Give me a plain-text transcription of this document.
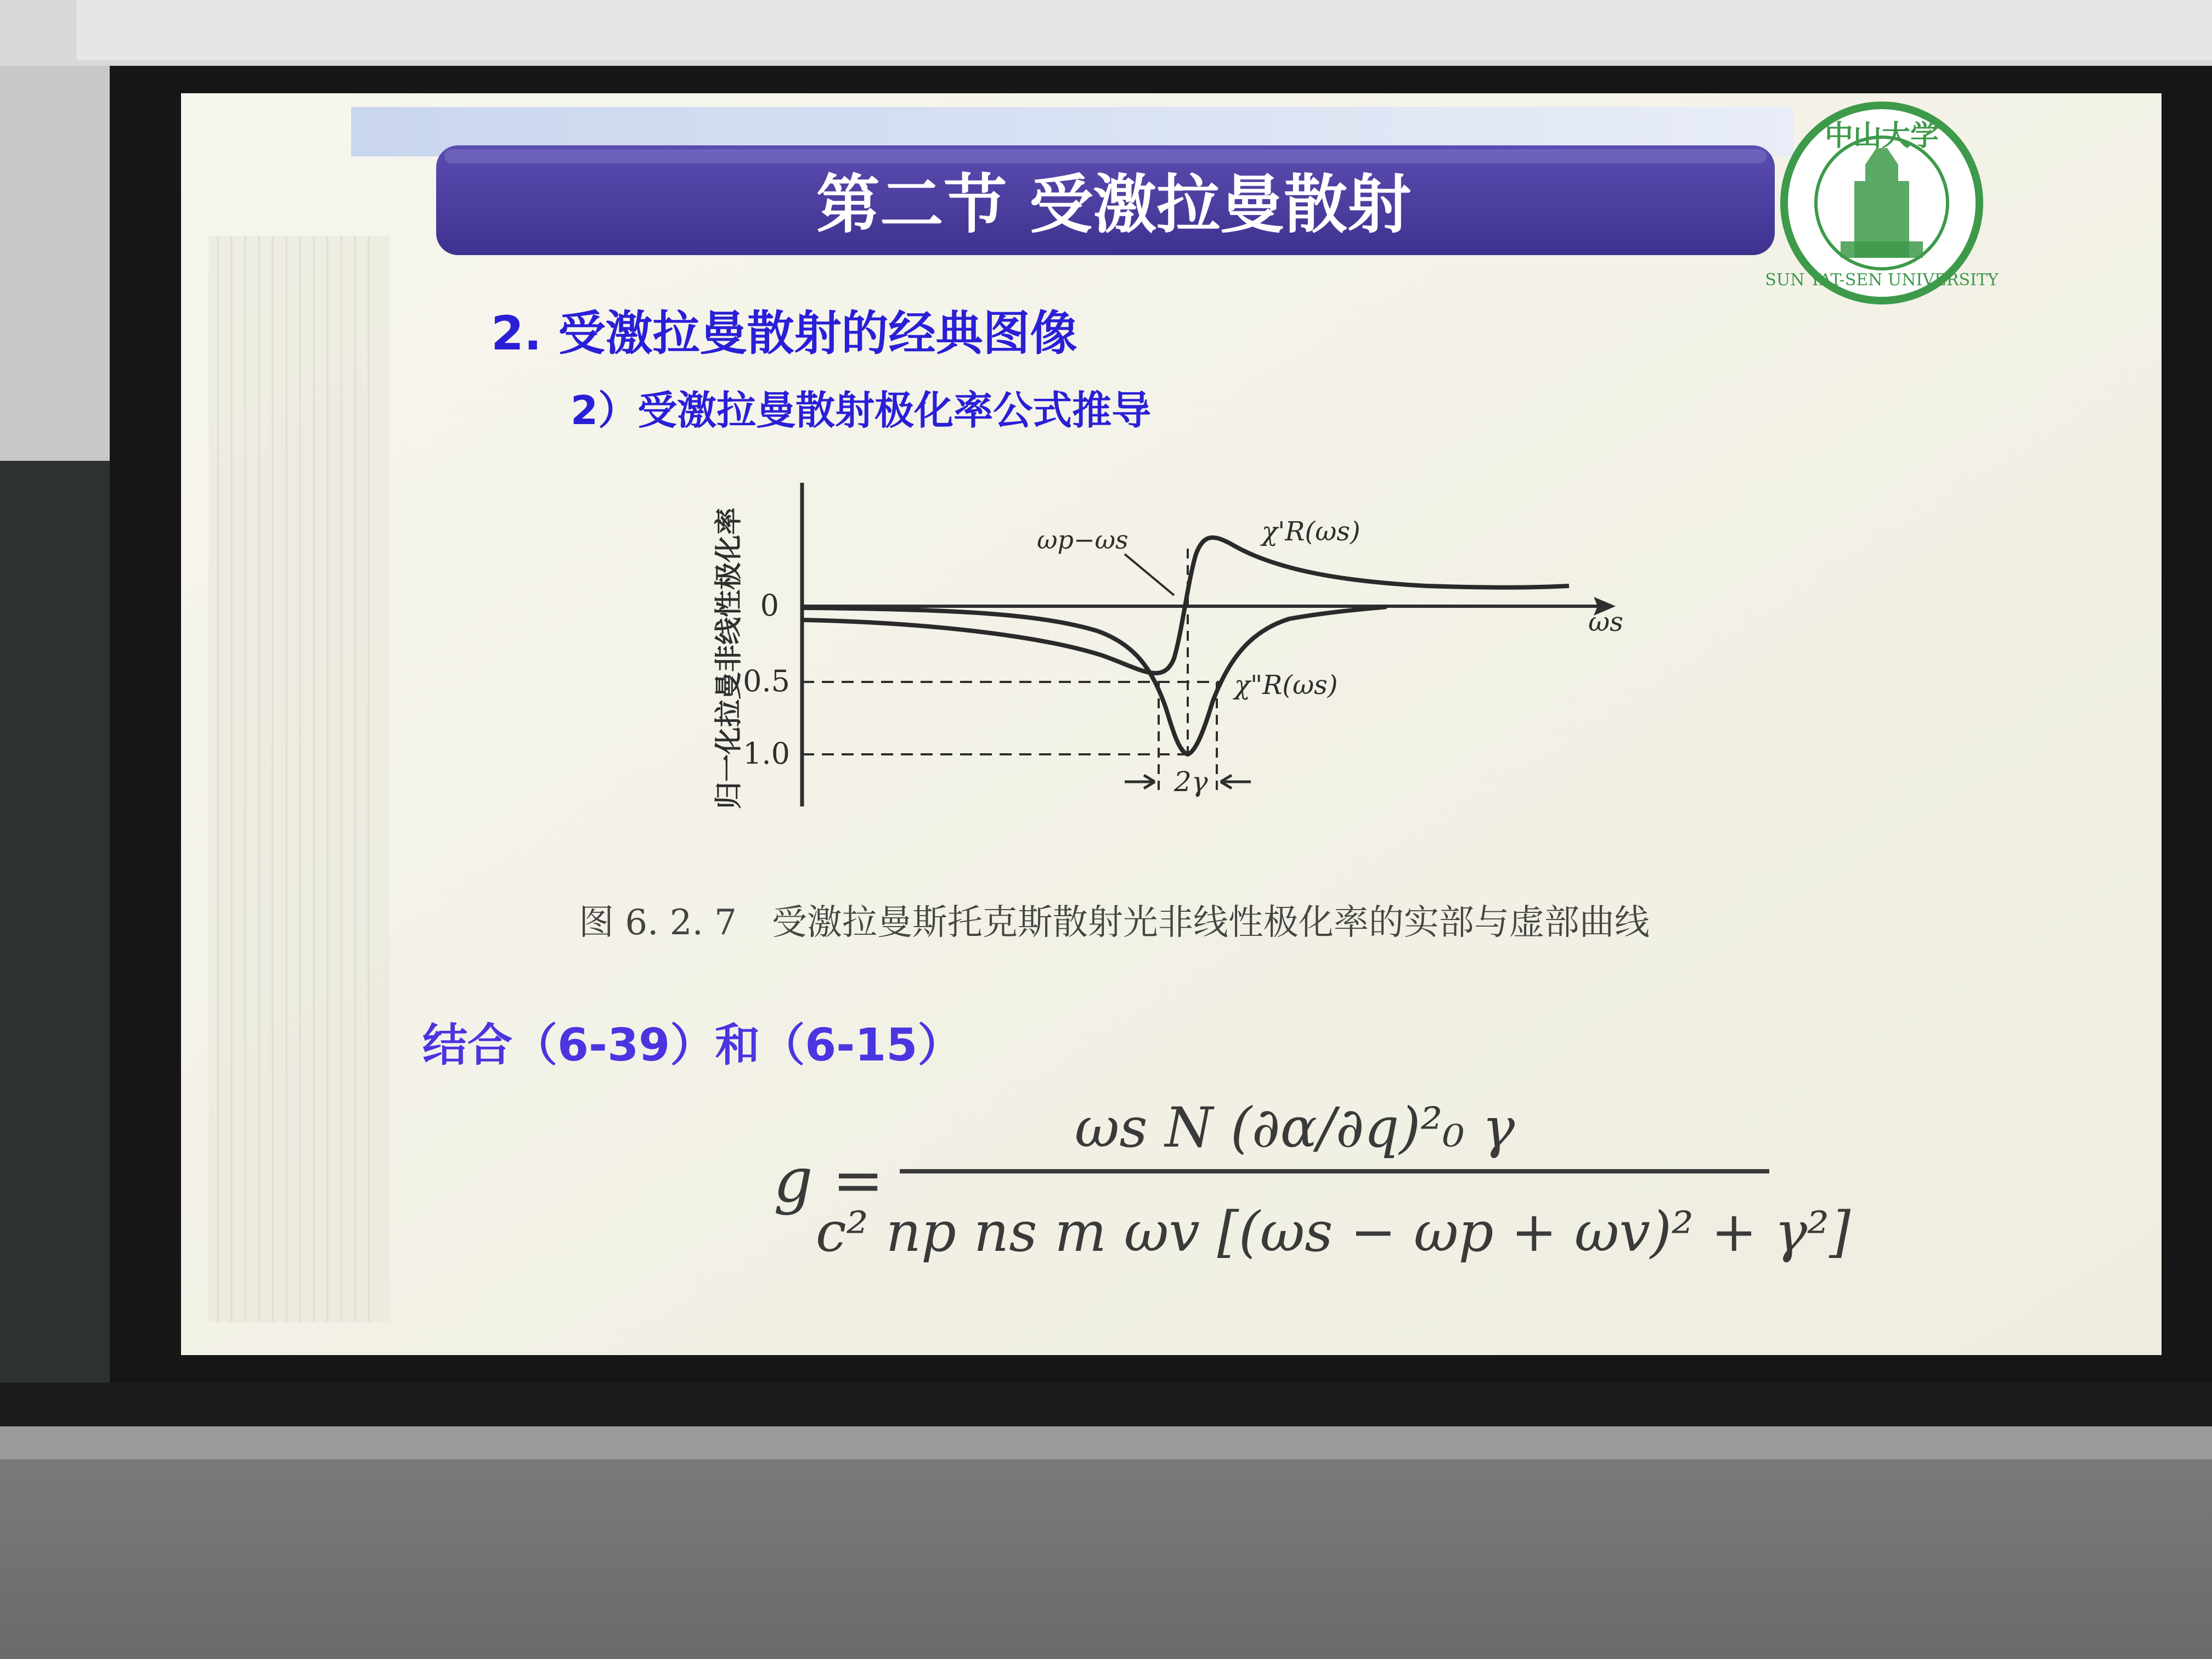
中山大学
SUN YAT-SEN UNIVERSITY
0
0.5
1.0
ωp−ωs	χ'R(ωs)
χ"R(ωs)
2γ
ωs
归一化拉曼非线性极化率
g =
ωs N (∂α/∂q)²₀ γ
c² np ns m ωv [(ωs − ωp + ωv)² + γ²]
第二节 受激拉曼散射
2. 受激拉曼散射的经典图像
2）受激拉曼散射极化率公式推导
图 6. 2. 7　受激拉曼斯托克斯散射光非线性极化率的实部与虚部曲线
结合（6-39）和（6-15）
